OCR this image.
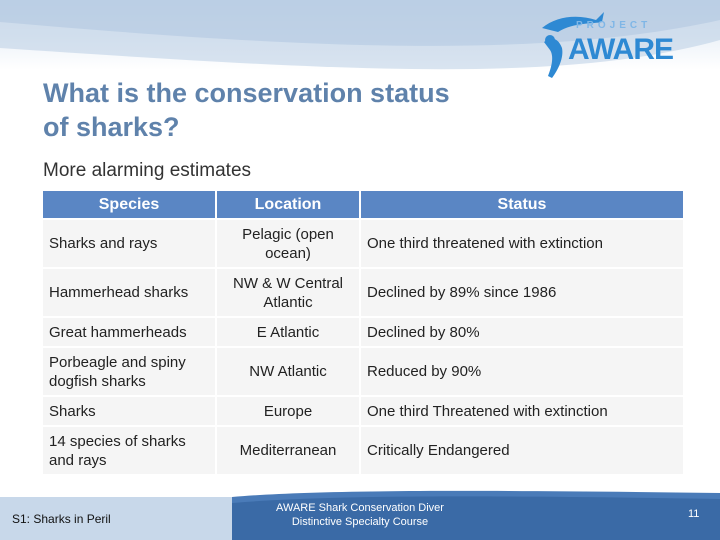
PROJECT
AWARE
What is the conservation status of sharks?
More alarming estimates
Species	Location	Status
Sharks and rays	Pelagic (open ocean)	One third threatened with extinction
Hammerhead sharks	NW & W Central Atlantic	Declined by 89% since 1986
Great hammerheads	E Atlantic	Declined by 80%
Porbeagle and spiny dogfish sharks	NW Atlantic	Reduced by 90%
Sharks	Europe	One third Threatened with extinction
14 species of sharks and rays	Mediterranean	Critically Endangered
S1: Sharks in Peril
AWARE Shark Conservation Diver
Distinctive Specialty Course
11
